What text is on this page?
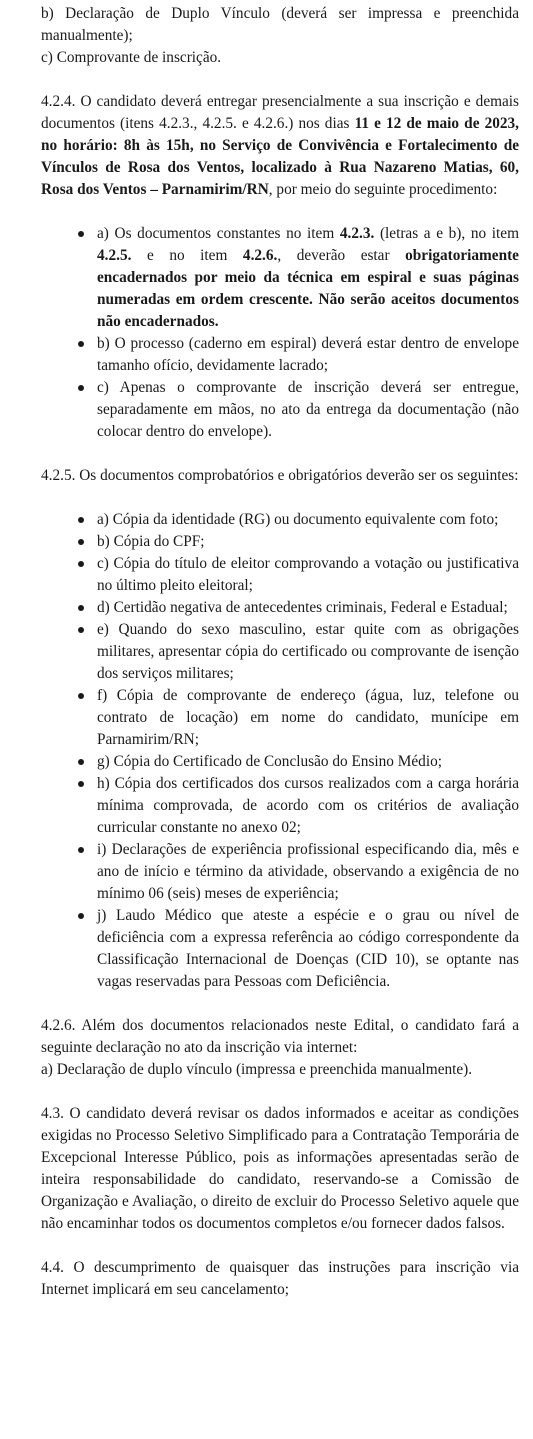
b) Declaração de Duplo Vínculo (deverá ser impressa e preenchida manualmente);

c) Comprovante de inscrição.

4.2.4. O candidato deverá entregar presencialmente a sua inscrição e demais documentos (itens 4.2.3., 4.2.5. e 4.2.6.) nos dias 11 e 12 de maio de 2023, no horário: 8h às 15h, no Serviço de Convivência e Fortalecimento de Vínculos de Rosa dos Ventos, localizado à Rua Nazareno Matias, 60, Rosa dos Ventos – Parnamirim/RN, por meio do seguinte procedimento:

a) Os documentos constantes no item 4.2.3. (letras a e b), no item 4.2.5. e no item 4.2.6., deverão estar obrigatoriamente encadernados por meio da técnica em espiral e suas páginas numeradas em ordem crescente. Não serão aceitos documentos não encadernados.
b) O processo (caderno em espiral) deverá estar dentro de envelope tamanho ofício, devidamente lacrado;
c) Apenas o comprovante de inscrição deverá ser entregue, separadamente em mãos, no ato da entrega da documentação (não colocar dentro do envelope).

4.2.5. Os documentos comprobatórios e obrigatórios deverão ser os seguintes:

a) Cópia da identidade (RG) ou documento equivalente com foto;
b) Cópia do CPF;
c) Cópia do título de eleitor comprovando a votação ou justificativa no último pleito eleitoral;
d) Certidão negativa de antecedentes criminais, Federal e Estadual;
e) Quando do sexo masculino, estar quite com as obrigações militares, apresentar cópia do certificado ou comprovante de isenção dos serviços militares;
f) Cópia de comprovante de endereço (água, luz, telefone ou contrato de locação) em nome do candidato, munícipe em Parnamirim/RN;
g) Cópia do Certificado de Conclusão do Ensino Médio;
h) Cópia dos certificados dos cursos realizados com a carga horária mínima comprovada, de acordo com os critérios de avaliação curricular constante no anexo 02;
i) Declarações de experiência profissional especificando dia, mês e ano de início e término da atividade, observando a exigência de no mínimo 06 (seis) meses de experiência;
j) Laudo Médico que ateste a espécie e o grau ou nível de deficiência com a expressa referência ao código correspondente da Classificação Internacional de Doenças (CID 10), se optante nas vagas reservadas para Pessoas com Deficiência.

4.2.6. Além dos documentos relacionados neste Edital, o candidato fará a seguinte declaração no ato da inscrição via internet:

a) Declaração de duplo vínculo (impressa e preenchida manualmente).

4.3. O candidato deverá revisar os dados informados e aceitar as condições exigidas no Processo Seletivo Simplificado para a Contratação Temporária de Excepcional Interesse Público, pois as informações apresentadas serão de inteira responsabilidade do candidato, reservando-se a Comissão de Organização e Avaliação, o direito de excluir do Processo Seletivo aquele que não encaminhar todos os documentos completos e/ou fornecer dados falsos.

4.4. O descumprimento de quaisquer das instruções para inscrição via Internet implicará em seu cancelamento;
